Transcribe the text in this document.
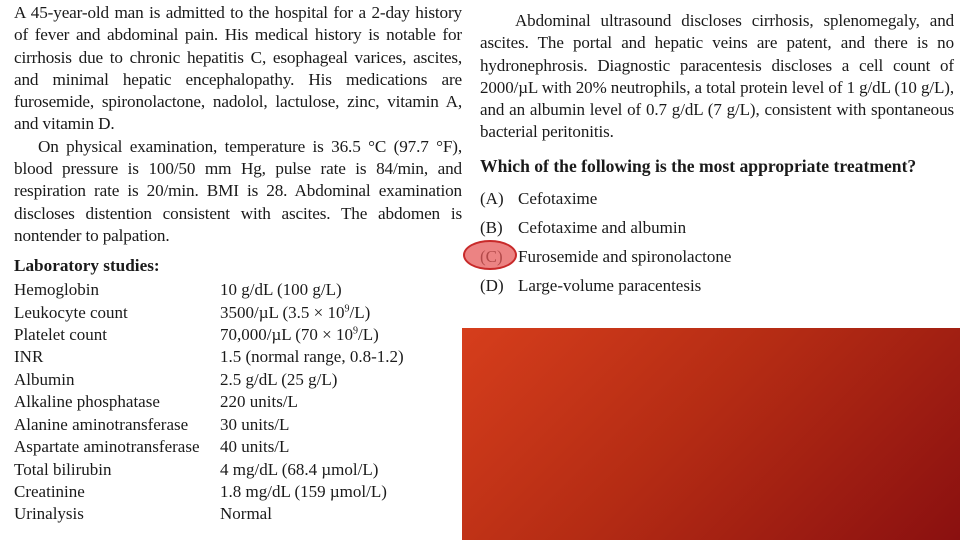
A 45-year-old man is admitted to the hospital for a 2-day history of fever and abdominal pain. His medical history is notable for cirrhosis due to chronic hepatitis C, esophageal varices, ascites, and minimal hepatic encephalopathy. His medications are furosemide, spironolactone, nadolol, lactulose, zinc, vitamin A, and vitamin D.

On physical examination, temperature is 36.5 °C (97.7 °F), blood pressure is 100/50 mm Hg, pulse rate is 84/min, and respiration rate is 20/min. BMI is 28. Abdominal examination discloses distention consistent with ascites. The abdomen is nontender to palpation.

Laboratory studies:
Hemoglobin	10 g/dL (100 g/L)
Leukocyte count	3500/µL $(3.5 \times 10^9/L)$
Platelet count	70,000/µL $(70 \times 10^9/L)$
INR	1.5 (normal range, 0.8-1.2)
Albumin	2.5 g/dL (25 g/L)
Alkaline phosphatase	220 units/L
Alanine aminotransferase	30 units/L
Aspartate aminotransferase	40 units/L
Total bilirubin	4 mg/dL (68.4 µmol/L)
Creatinine	1.8 mg/dL (159 µmol/L)
Urinalysis	Normal

Abdominal ultrasound discloses cirrhosis, splenomegaly, and ascites. The portal and hepatic veins are patent, and there is no hydronephrosis. Diagnostic paracentesis discloses a cell count of 2000/µL with 20% neutrophils, a total protein level of 1 g/dL (10 g/L), and an albumin level of 0.7 g/dL (7 g/L), consistent with spontaneous bacterial peritonitis.

Which of the following is the most appropriate treatment?
(A) Cefotaxime
(B) Cefotaxime and albumin
Furosemide and spironolactone
(D) Large-volume paracentesis
